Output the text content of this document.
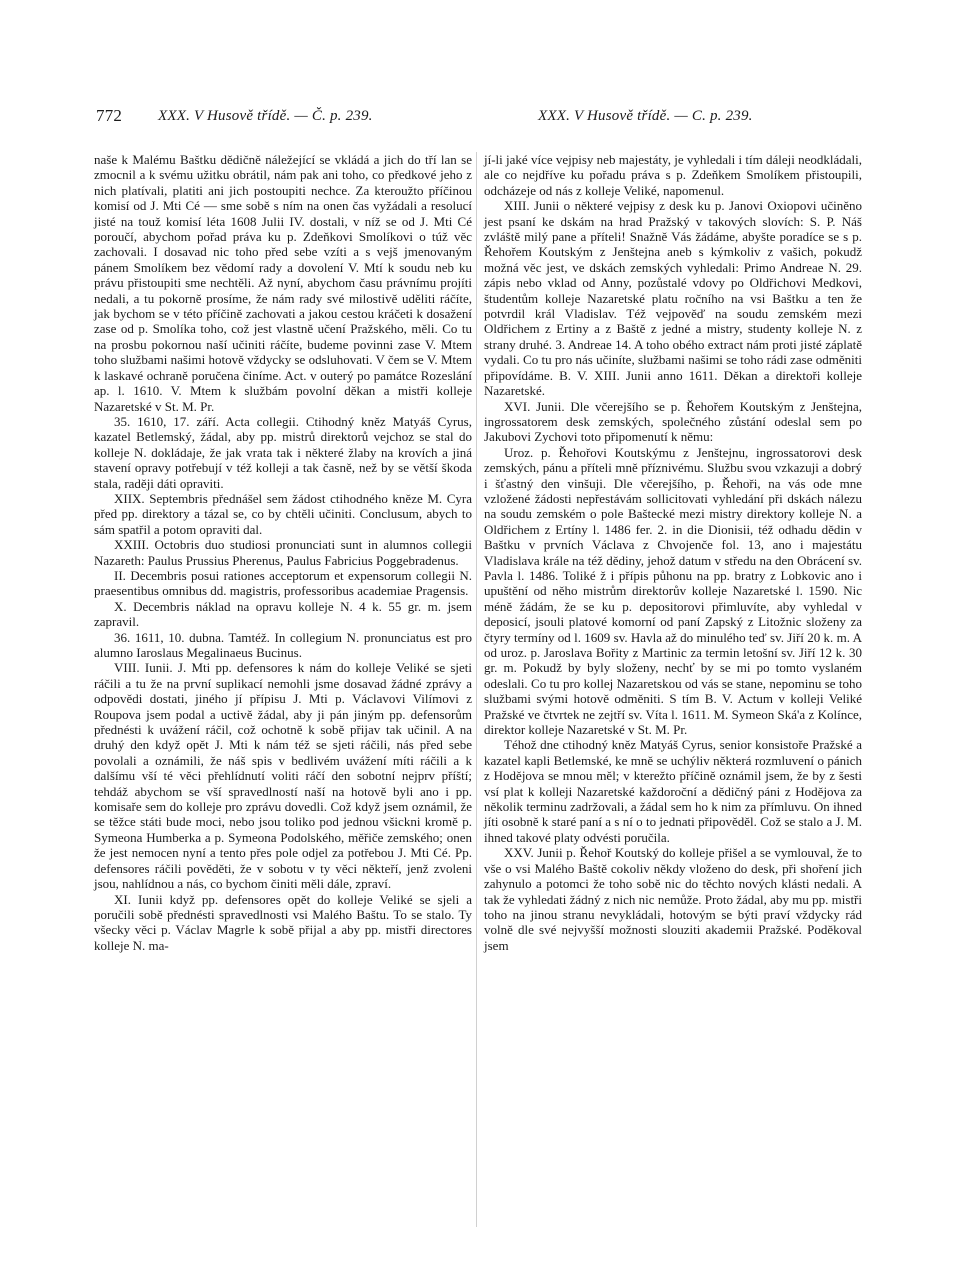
772 XXX. V Husově třídě. — Č. p. 239.	XXX. V Husově třídě. — C. p. 239.

naše k Malému Baštku dědičně náležející se vkládá a jich do tří lan se zmocnil a k svému užitku obrátil, nám pak ani toho, co předkové jeho z nich platívali, platiti ani jich postoupiti nechce. Za kteroužto příčinou komisí od J. Mti Cé — sme sobě s ním na onen čas vyžádali a resolucí jisté na touž komisí léta 1608 Julii IV. dostali, v níž se od J. Mti Cé poroučí, abychom pořad práva ku p. Zdeňkovi Smolíkovi o túž věc zachovali. I dosavad nic toho před sebe vzíti a s vejš jmenovaným pánem Smolíkem bez vědomí rady a dovolení V. Mtí k soudu neb ku právu přistoupiti sme nechtěli. Až nyní, abychom času právnímu projíti nedali, a tu pokorně prosíme, že nám rady své milostivě uděliti ráčíte, jak bychom se v této příčině zachovati a jakou cestou kráčeti k dosažení zase od p. Smolíka toho, což jest vlastně učení Pražského, měli. Co tu na prosbu pokornou naší učiniti ráčíte, budeme povinni zase V. Mtem toho službami našimi hotově vždycky se odsluhovati. V čem se V. Mtem k laskavé ochraně poručena činíme. Act. v outerý po památce Rozeslání ap. l. 1610. V. Mtem k službám povolní děkan a mistři kolleje Nazaretské v St. M. Pr.

35. 1610, 17. září. Acta collegii. Ctihodný kněz Matyáš Cyrus, kazatel Betlemský, žádal, aby pp. mistrů direktorů vejchoz se stal do kolleje N. dokládaje, že jak vrata tak i některé žlaby na krovích a jiná stavení opravy potřebují v též kolleji a tak časně, než by se větší škoda stala, raději dáti opraviti.

XIIX. Septembris přednášel sem žádost ctihodného kněze M. Cyra před pp. direktory a tázal se, co by chtěli učiniti. Conclusum, abych to sám spatřil a potom opraviti dal.

XXIII. Octobris duo studiosi pronunciati sunt in alumnos collegii Nazareth: Paulus Prussius Pherenus, Paulus Fabricius Poggebradenus.

II. Decembris posui rationes acceptorum et expensorum collegii N. praesentibus omnibus dd. magistris, professoribus academiae Pragensis.

X. Decembris náklad na opravu kolleje N. 4 k. 55 gr. m. jsem zapravil.

36. 1611, 10. dubna. Tamtéž. In collegium N. pronunciatus est pro alumno Iaroslaus Megalinaeus Bucinus.

VIII. Iunii. J. Mti pp. defensores k nám do kolleje Veliké se sjeti ráčili a tu že na první suplikací nemohli jsme dosavad žádné zprávy a odpovědi dostati, jiného jí přípisu J. Mti p. Václavovi Vilímovi z Roupova jsem podal a uctivě žádal, aby ji pán jiným pp. defensorům přednésti k uvážení ráčil, což ochotně k sobě přijav tak učinil. A na druhý den když opět J. Mti k nám též se sjeti ráčili, nás před sebe povolali a oznámili, že náš spis v bedlivém uvážení míti ráčili a k dalšímu vší té věci přehlídnutí voliti ráčí den sobotní nejprv příští; tehdáž abychom se vší spravedlností naší na hotově byli ano i pp. komisaře sem do kolleje pro zprávu dovedli. Což když jsem oznámil, že se těžce státi bude moci, nebo jsou toliko pod jednou všickni kromě p. Symeona Humberka a p. Symeona Podolského, měřiče zemského; onen že jest nemocen nyní a tento přes pole odjel za potřebou J. Mti Cé. Pp. defensores ráčili pověděti, že v sobotu v ty věci někteří, jenž zvoleni jsou, nahlídnou a nás, co bychom činiti měli dále, zpraví.

XI. Iunii když pp. defensores opět do kolleje Veliké se sjeli a poručili sobě přednésti spravedlnosti vsi Malého Baštu. To se stalo. Ty všecky věci p. Václav Magrle k sobě přijal a aby pp. mistři directores kolleje N. ma-

jí-li jaké více vejpisy neb majestáty, je vyhledali i tím dáleji neodkládali, ale co nejdříve ku pořadu práva s p. Zdeňkem Smolíkem přistoupili, odcházeje od nás z kolleje Veliké, napomenul.

XIII. Junii o některé vejpisy z desk ku p. Janovi Oxiopovi učiněno jest psaní ke dskám na hrad Pražský v takových slovích: S. P. Náš zvláště milý pane a příteli! Snažně Vás žádáme, abyšte poradíce se s p. Řehořem Koutským z Jenštejna aneb s kýmkoliv z vašich, pokudž možná věc jest, ve dskách zemských vyhledali: Primo Andreae N. 29. zápis nebo vklad od Anny, pozůstalé vdovy po Oldřichovi Medkovi, študentům kolleje Nazaretské platu ročního na vsi Baštku a ten že potvrdil král Vladislav. Též vejpověď na soudu zemském mezi Oldřichem z Ertiny a z Baště z jedné a mistry, studenty kolleje N. z strany druhé. 3. Andreae 14. A toho obého extract nám proti jisté záplatě vydali. Co tu pro nás učiníte, službami našimi se toho rádi zase odměniti připovídáme. B. V. XIII. Junii anno 1611. Děkan a direktoři kolleje Nazaretské.

XVI. Junii. Dle včerejšího se p. Řehořem Koutským z Jenštejna, ingrossatorem desk zemských, společného zůstání odeslal sem po Jakubovi Zychovi toto připomenutí k němu:

Uroz. p. Řehořovi Koutskýmu z Jenštejnu, ingrossatorovi desk zemských, pánu a příteli mně příznivému. Službu svou vzkazuji a dobrý i šťastný den vinšuji. Dle včerejšího, p. Řehoři, na vás ode mne vzložené žádosti nepřestávám sollicitovati vyhledání při dskách nálezu na soudu zemském o pole Baštecké mezi mistry direktory kolleje N. a Oldřichem z Ertíny l. 1486 fer. 2. in die Dionisii, též odhadu dědin v Baštku v prvních Václava z Chvojenče fol. 13, ano i majestátu Vladislava krále na též dědiny, jehož datum v středu na den Obrácení sv. Pavla l. 1486. Toliké ž i přípis půhonu na pp. bratry z Lobkovic ano i upuštění od něho mistrům direktorův kolleje Nazaretské l. 1590. Nic méně žádám, že se ku p. depositorovi přimluvíte, aby vyhledal v deposicí, jsouli platové komorní od paní Zapský z Litožnic složeny za čtyry termíny od l. 1609 sv. Havla až do minulého teď sv. Jiří 20 k. m. A od uroz. p. Jaroslava Bořity z Martinic za termin letošní sv. Jiří 12 k. 30 gr. m. Pokudž by byly složeny, nechť by se mi po tomto vyslaném odeslali. Co tu pro kollej Nazaretskou od vás se stane, nepominu se toho službami svými hotově odměniti. S tím B. V. Actum v kolleji Veliké Pražské ve čtvrtek ne zejtří sv. Víta l. 1611. M. Symeon Ská'a z Kolínce, direktor kolleje Nazaretské v St. M. Pr.

Téhož dne ctihodný kněz Matyáš Cyrus, senior konsistoře Pražské a kazatel kapli Betlemské, ke mně se uchýliv některá rozmluvení o pánich z Hodějova se mnou měl; v kterežto příčině oznámil jsem, že by z šesti vsí plat k kolleji Nazaretské každoroční a dědičný páni z Hodějova za několik terminu zadržovali, a žádal sem ho k nim za přímluvu. On ihned jíti osobně k staré paní a s ní o to jednati připověděl. Což se stalo a J. M. ihned takové platy odvésti poručila.

XXV. Junii p. Řehoř Koutský do kolleje přišel a se vymlouval, že to vše o vsi Malého Baště cokoliv někdy vloženo do desk, při shoření jich zahynulo a potomci že toho sobě nic do těchto nových klásti nedali. A tak že vyhledati žádný z nich nic nemůže. Proto žádal, aby mu pp. mistři toho na jinou stranu nevykládali, hotovým se býti praví vždycky rád volně dle své nejvyšší možnosti slouziti akademii Pražské. Poděkoval jsem
